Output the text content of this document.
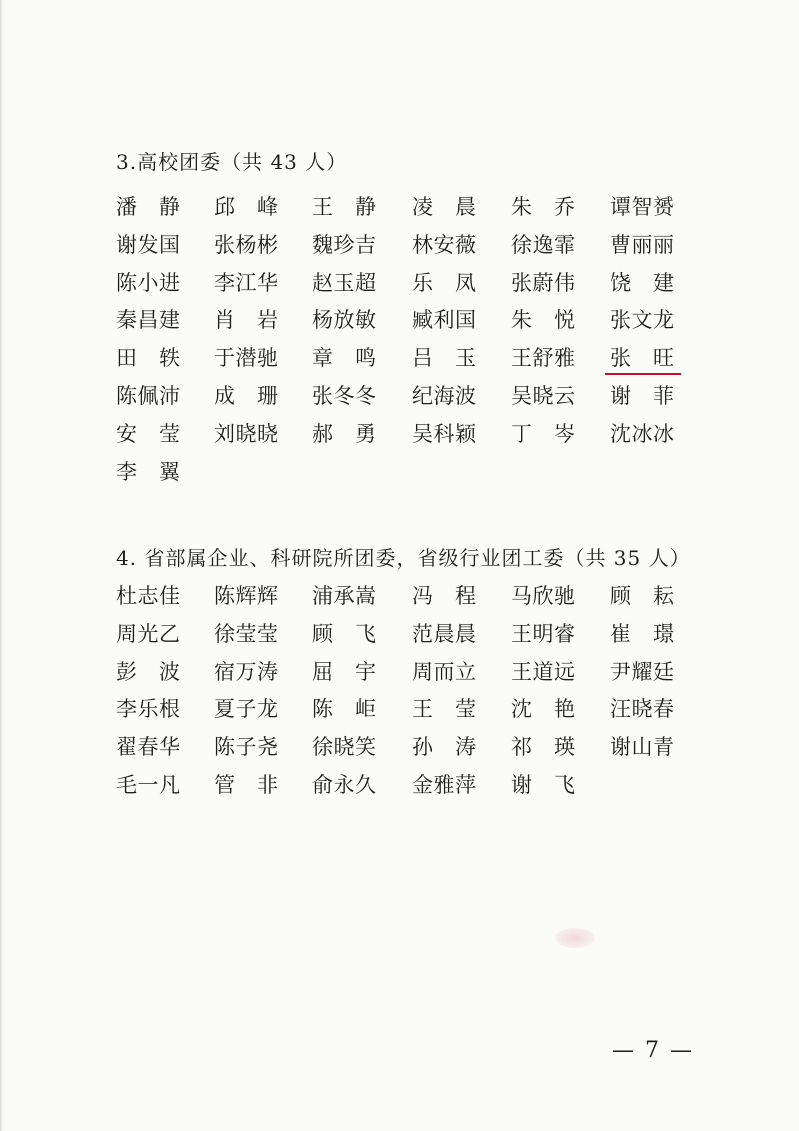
3.高校团委（共 43 人）
潘 静 邱 峰 王 静 凌 晨 朱 乔 谭 智 赟
谢 发 国 张 杨 彬 魏 珍 吉 林 安 薇 徐 逸 霏 曹 丽 丽
陈 小 进 李 江 华 赵 玉 超 乐 凤 张 蔚 伟 饶 建
秦 昌 建 肖 岩 杨 放 敏 臧 利 国 朱 悦 张 文 龙
田 轶 于 潜 驰 章 鸣 吕 玉 王 舒 雅 张 旺
陈 佩 沛 成 珊 张 冬 冬 纪 海 波 吴 晓 云 谢 菲
安 莹 刘 晓 晓 郝 勇 吴 科 颖 丁 岑 沈 冰 冰
李 翼
4. 省部属企业、科研院所团委，省级行业团工委（共 35 人）
杜 志 佳 陈 辉 辉 浦 承 嵩 冯 程 马 欣 驰 顾 耘
周 光 乙 徐 莹 莹 顾 飞 范 晨 晨 王 明 睿 崔 璟
彭 波 宿 万 涛 屈 宇 周 而 立 王 道 远 尹 耀 廷
李 乐 根 夏 子 龙 陈 岠 王 莹 沈 艳 汪 晓 春
翟 春 华 陈 子 尧 徐 晓 笑 孙 涛 祁 瑛 谢 山 青
毛 一 凡 管 非 俞 永 久 金 雅 萍 谢 飞
— 7 —
